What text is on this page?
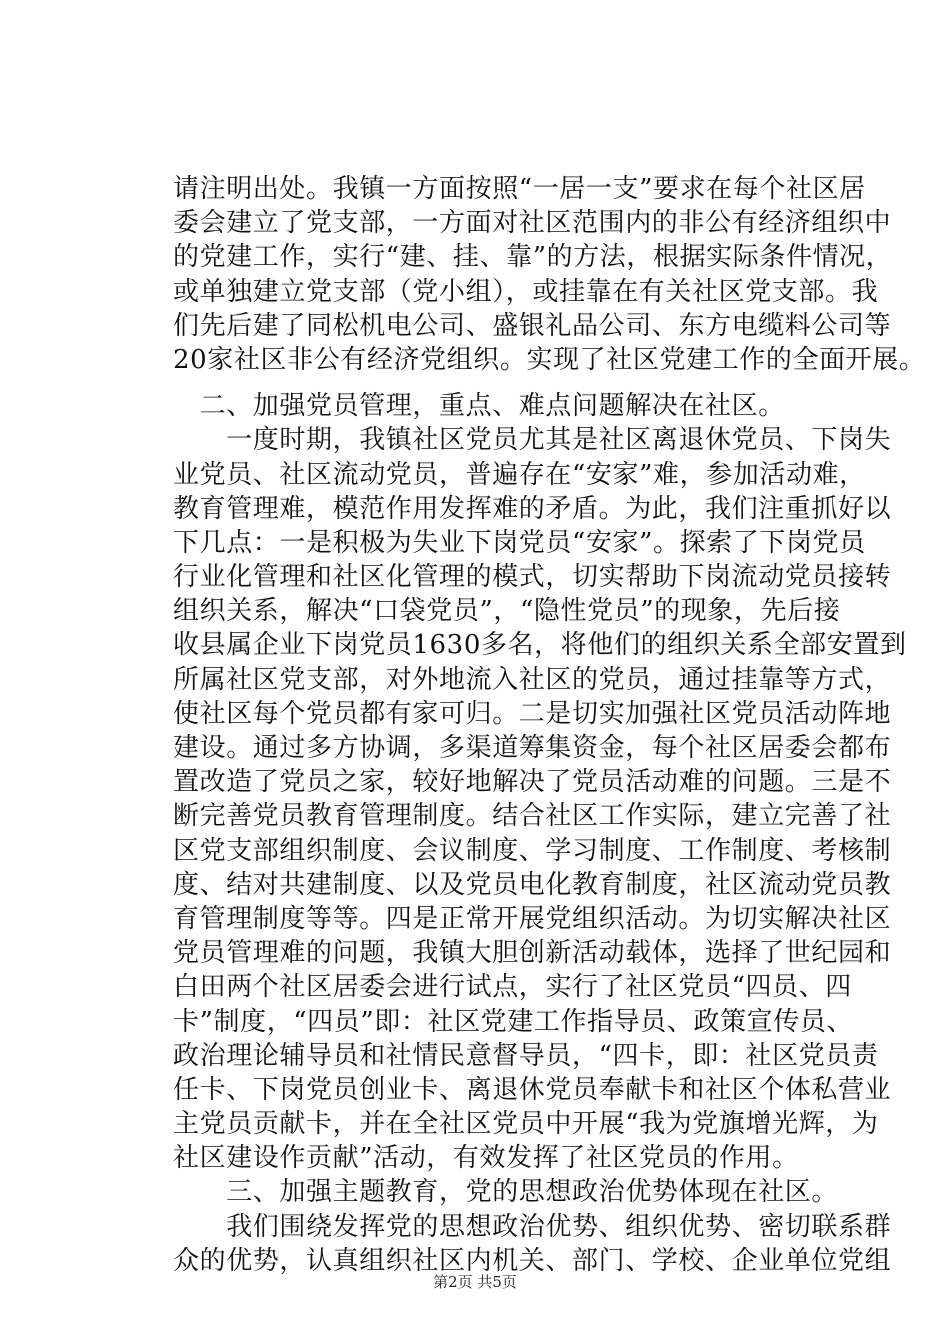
请注明出处。我镇一方面按照“一居一支”要求在每个社区居
委会建立了党支部，一方面对社区范围内的非公有经济组织中
的党建工作，实行“建、挂、靠”的方法，根据实际条件情况，
或单独建立党支部（党小组），或挂靠在有关社区党支部。我
们先后建了同松机电公司、盛银礼品公司、东方电缆料公司等
20家社区非公有经济党组织。实现了社区党建工作的全面开展。
　二、加强党员管理，重点、难点问题解决在社区。
　　一度时期，我镇社区党员尤其是社区离退休党员、下岗失
业党员、社区流动党员，普遍存在“安家”难，参加活动难，
教育管理难，模范作用发挥难的矛盾。为此，我们注重抓好以
下几点：一是积极为失业下岗党员“安家”。探索了下岗党员
行业化管理和社区化管理的模式，切实帮助下岗流动党员接转
组织关系，解决“口袋党员”，“隐性党员”的现象，先后接
收县属企业下岗党员1630多名，将他们的组织关系全部安置到
所属社区党支部，对外地流入社区的党员，通过挂靠等方式，
使社区每个党员都有家可归。二是切实加强社区党员活动阵地
建设。通过多方协调，多渠道筹集资金，每个社区居委会都布
置改造了党员之家，较好地解决了党员活动难的问题。三是不
断完善党员教育管理制度。结合社区工作实际，建立完善了社
区党支部组织制度、会议制度、学习制度、工作制度、考核制
度、结对共建制度、以及党员电化教育制度，社区流动党员教
育管理制度等等。四是正常开展党组织活动。为切实解决社区
党员管理难的问题，我镇大胆创新活动载体，选择了世纪园和
白田两个社区居委会进行试点，实行了社区党员“四员、四
卡”制度，“四员”即：社区党建工作指导员、政策宣传员、
政治理论辅导员和社情民意督导员，“四卡，即：社区党员责
任卡、下岗党员创业卡、离退休党员奉献卡和社区个体私营业
主党员贡献卡，并在全社区党员中开展“我为党旗增光辉，为
社区建设作贡献”活动，有效发挥了社区党员的作用。
　　三、加强主题教育，党的思想政治优势体现在社区。
　　我们围绕发挥党的思想政治优势、组织优势、密切联系群
众的优势，认真组织社区内机关、部门、学校、企业单位党组
第2页 共5页
